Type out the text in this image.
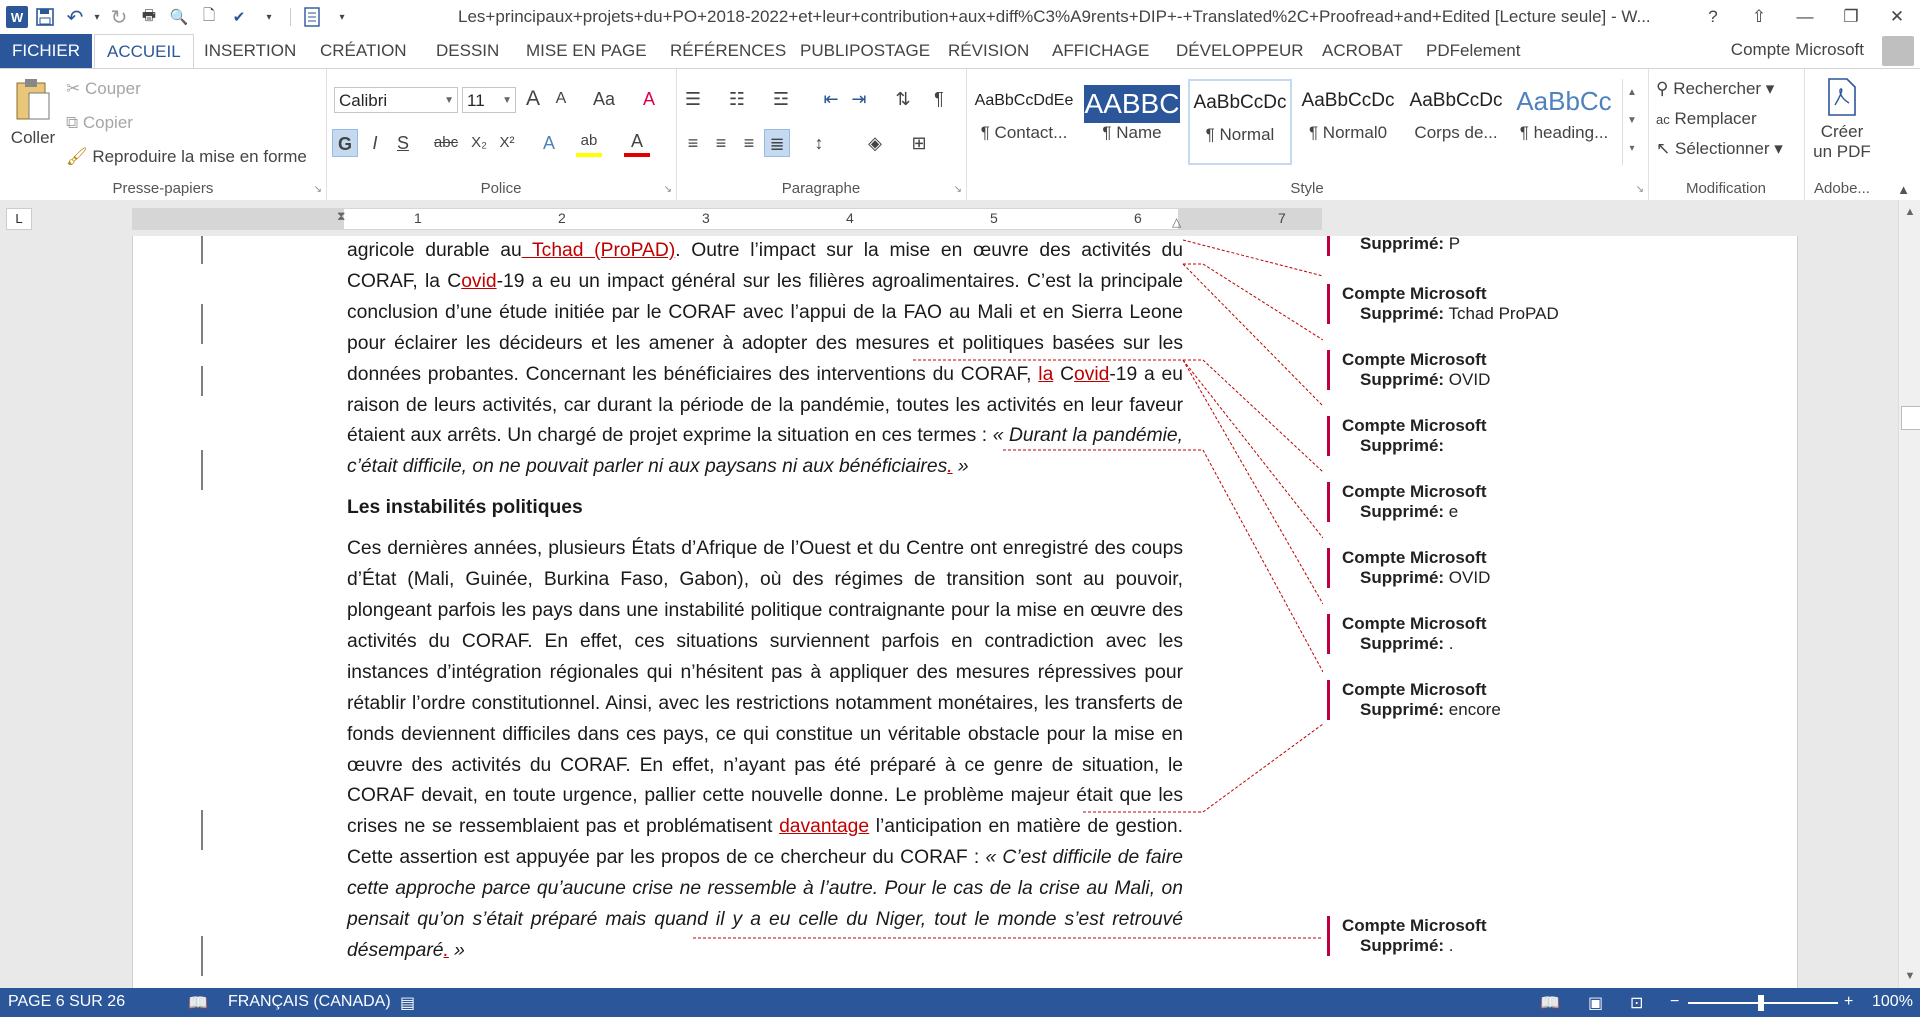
W ↶	▾ ↻ 🖶 🔍 🗋	✔	▾	▾	Les+principaux+projets+du+PO+2018-2022+et+leur+contribution+aux+diff%C3%A9rents+DIP+-+Translated%2C+Proofread+and+Edited [Lecture seule] - W...	?	⇧	—	❐	✕
FICHIER	ACCUEIL	INSERTION	CRÉATION	DESSIN	MISE EN PAGE	RÉFÉRENCES PUBLIPOSTAGE	RÉVISION	AFFICHAGE	DÉVELOPPEUR	ACROBAT	PDFelement	Compte Microsoft
Coller
✂ Couper
⧉ Copier
🖌 Reproduire la mise en forme
Presse-papiers	↘
Calibri	▼ 11 ▼ A A	Aa	A
G	I	S	abc X₂ X²	A	ab	A
Police	↘
☰ ☷ ☲	⇤ ⇥	⇅	¶
≡ ≡ ≡ ≣	↕	◈	⊞
Paragraphe	↘
AaBbCcDdEe
¶ Contact...
AABBC
¶ Name
AaBbCcDc
¶ Normal
AaBbCcDc
¶ Normal0
AaBbCcDc
Corps de...
AaBbCc
¶ heading...
▲
▼
▾
Style	↘
⚲ Rechercher ▾
ac Remplacer
↖ Sélectionner ▾
Modification
Créer
un PDF
Adobe...	▲
L	⧗	△
1	2	3	4	5	6	7

agricole durable au Tchad (ProPAD). Outre l’impact sur la mise en œuvre des activités du CORAF, la Covid-19 a eu un impact général sur les filières agroalimentaires. C’est la principale conclusion d’une étude initiée par le CORAF avec l’appui de la FAO au Mali et en Sierra Leone pour éclairer les décideurs et les amener à adopter des mesures et politiques basées sur les données probantes. Concernant les bénéficiaires des interventions du CORAF, la Covid-19 a eu raison de leurs activités, car durant la période de la pandémie, toutes les activités en leur faveur étaient aux arrêts. Un chargé de projet exprime la situation en ces termes : « Durant la pandémie, c’était difficile, on ne pouvait parler ni aux paysans ni aux bénéficiaires. »

Les instabilités politiques

Ces dernières années, plusieurs États d’Afrique de l’Ouest et du Centre ont enregistré des coups d’État (Mali, Guinée, Burkina Faso, Gabon), où des régimes de transition sont au pouvoir, plongeant parfois les pays dans une instabilité politique contraignante pour la mise en œuvre des activités du CORAF. En effet, ces situations surviennent parfois en contradiction avec les instances d’intégration régionales qui n’hésitent pas à appliquer des mesures répressives pour rétablir l’ordre constitutionnel. Ainsi, avec les restrictions notamment monétaires, les transferts de fonds deviennent difficiles dans ces pays, ce qui constitue un véritable obstacle pour la mise en œuvre des activités du CORAF. En effet, n’ayant pas été préparé à ce genre de situation, le CORAF devait, en toute urgence, pallier cette nouvelle donne. Le problème majeur était que les crises ne se ressemblaient pas et problématisent davantage l’anticipation en matière de gestion. Cette assertion est appuyée par les propos de ce chercheur du CORAF : « C’est difficile de faire cette approche parce qu’aucune crise ne ressemble à l’autre. Pour le cas de la crise au Mali, on pensait qu’on s’était préparé mais quand il y a eu celle du Niger, tout le monde s’est retrouvé désemparé. »

Supprimé: P
Compte Microsoft
Supprimé: Tchad ProPAD
Compte Microsoft
Supprimé: OVID
Compte Microsoft
Supprimé:
Compte Microsoft
Supprimé: e
Compte Microsoft
Supprimé: OVID
Compte Microsoft
Supprimé: .
Compte Microsoft
Supprimé: encore
Compte Microsoft
Supprimé: .
▲
▼
PAGE 6 SUR 26	📖 FRANÇAIS (CANADA) ▤	📖 ▣ ⊡ −	+ 100%
